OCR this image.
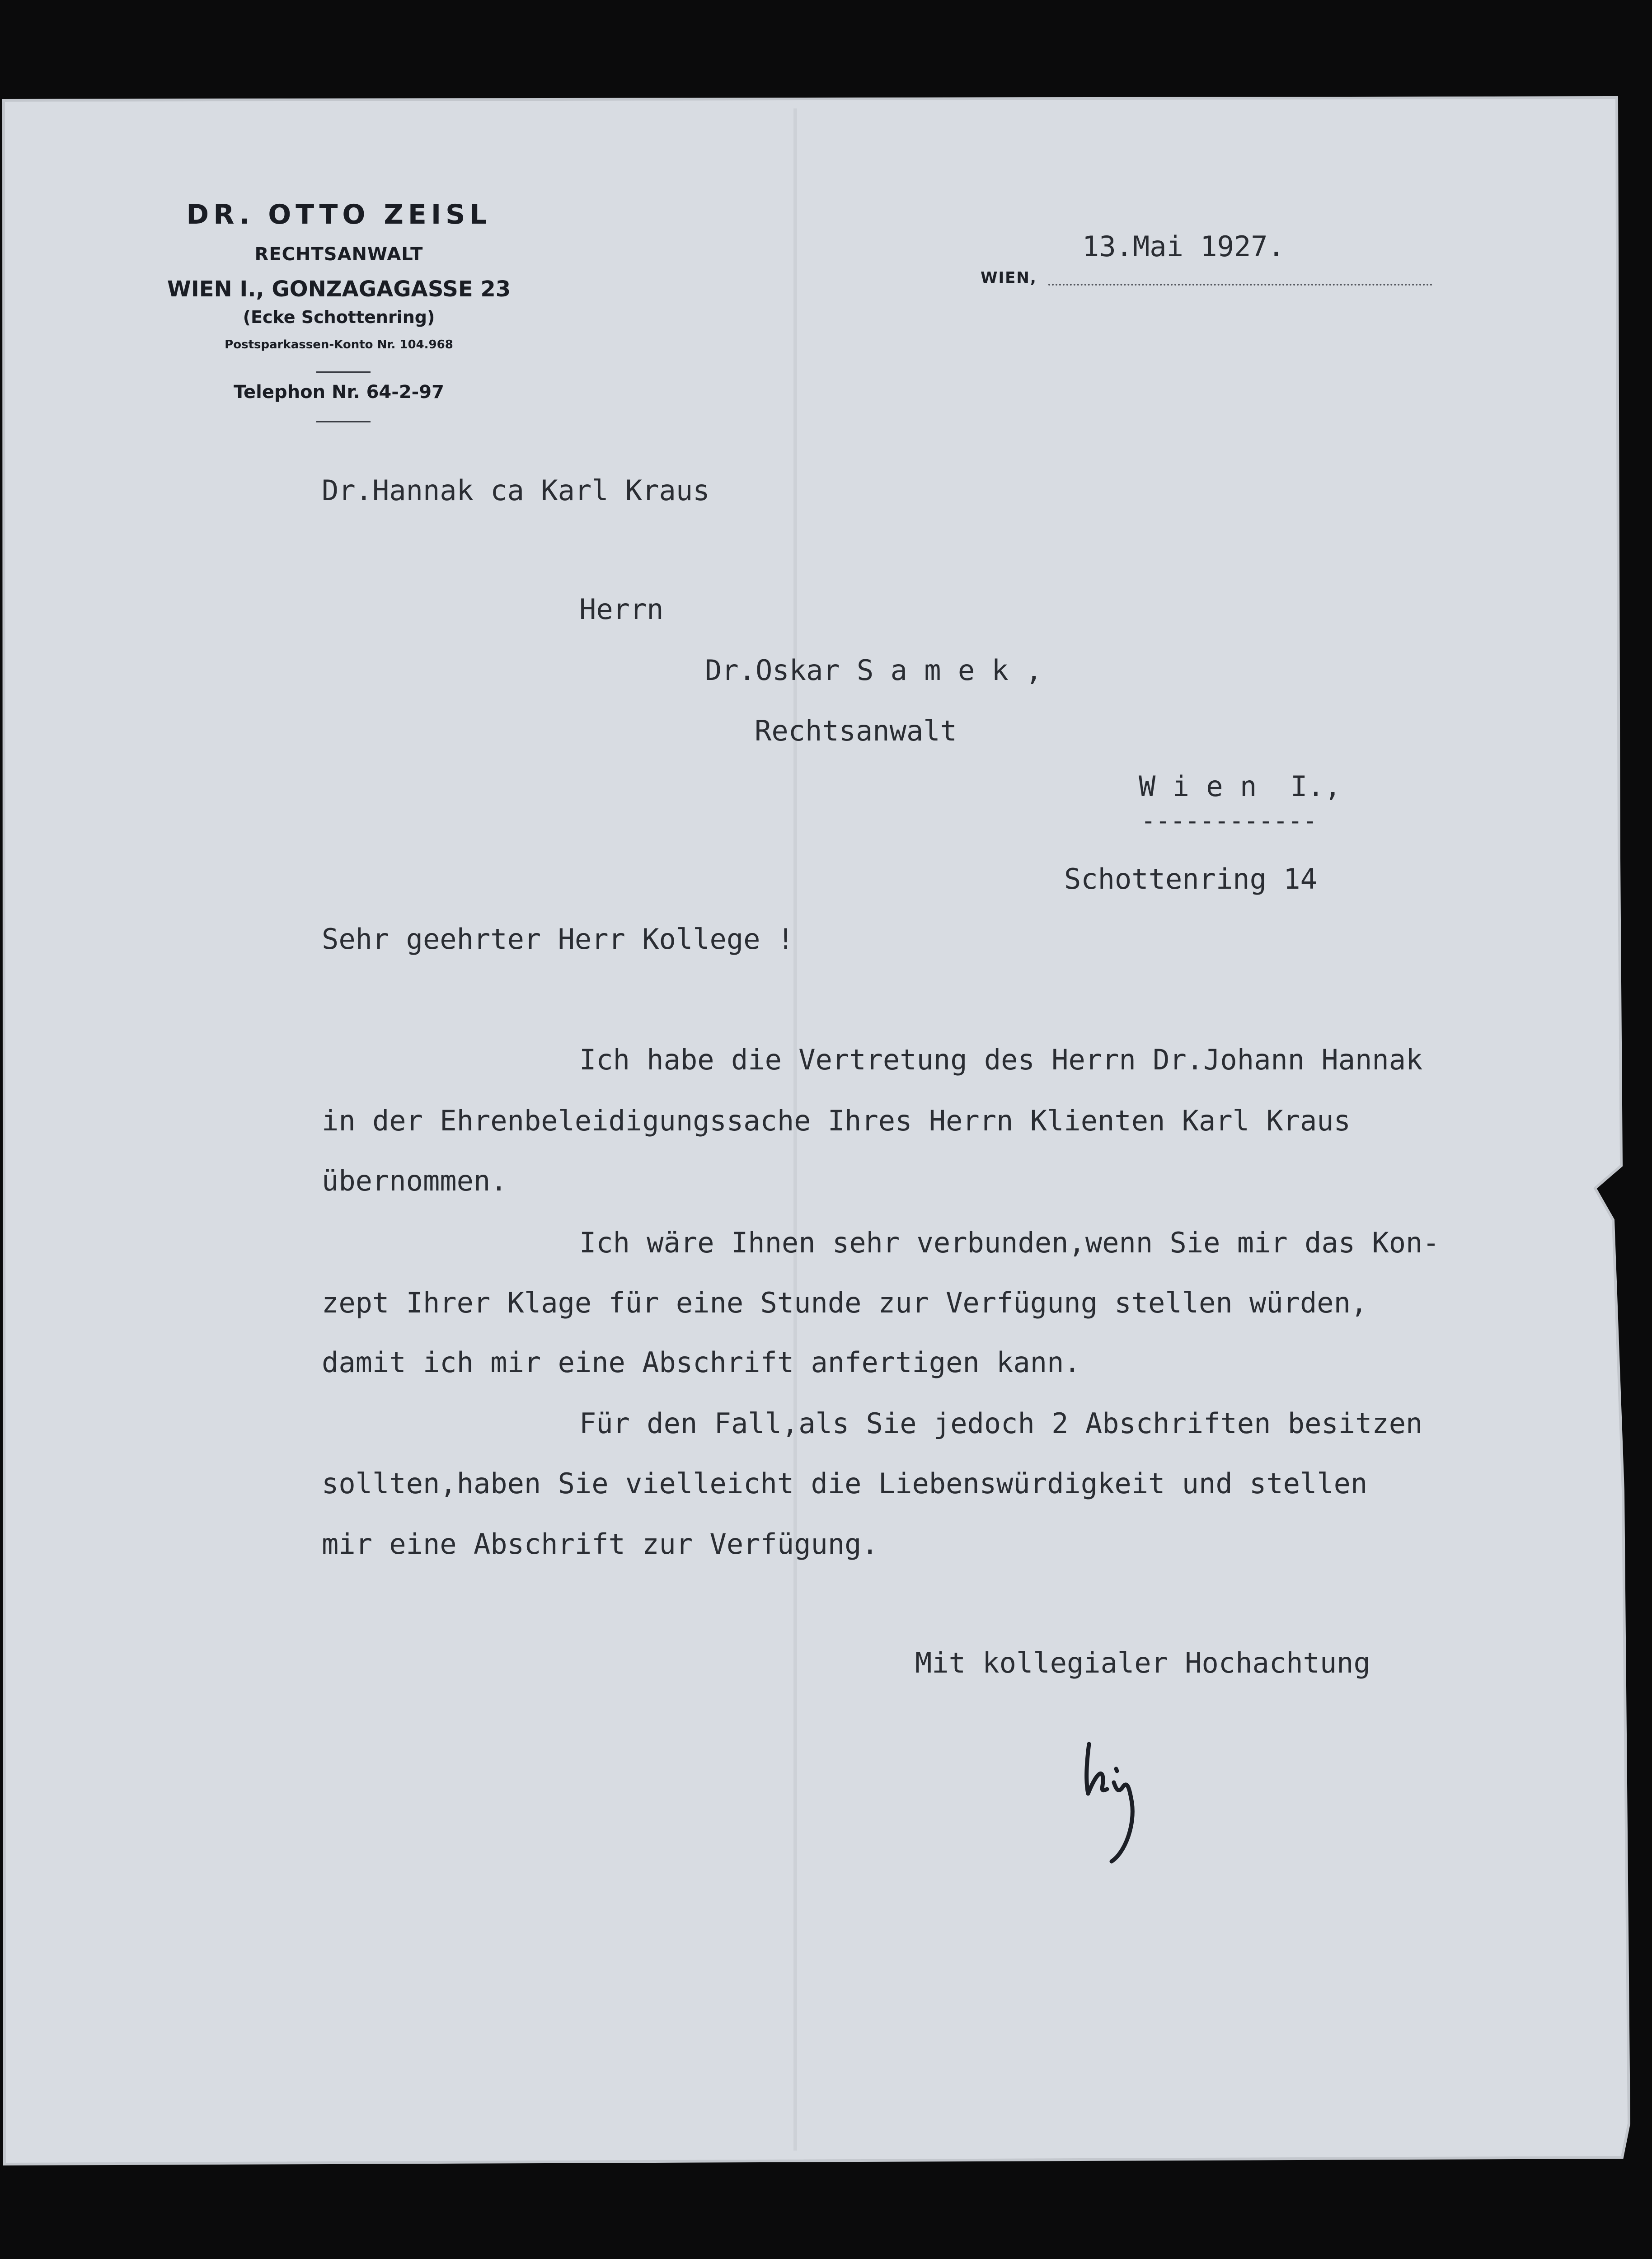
DR. OTTO ZEISL
RECHTSANWALT
WIEN I., GONZAGAGASSE 23
(Ecke Schottenring)
Postsparkassen-Konto Nr. 104.968
Telephon Nr. 64-2-97
13.Mai 1927.
WIEN,
Dr.Hannak ca Karl Kraus
Herrn
Dr.Oskar S a m e k ,
Rechtsanwalt
W i e n  I.,
------------
Schottenring 14
Sehr geehrter Herr Kollege !
Ich habe die Vertretung des Herrn Dr.Johann Hannak
in der Ehrenbeleidigungssache Ihres Herrn Klienten Karl Kraus
übernommen.
Ich wäre Ihnen sehr verbunden,wenn Sie mir das Kon-
zept Ihrer Klage für eine Stunde zur Verfügung stellen würden,
damit ich mir eine Abschrift anfertigen kann.
Für den Fall,als Sie jedoch 2 Abschriften besitzen
sollten,haben Sie vielleicht die Liebenswürdigkeit und stellen
mir eine Abschrift zur Verfügung.
Mit kollegialer Hochachtung
